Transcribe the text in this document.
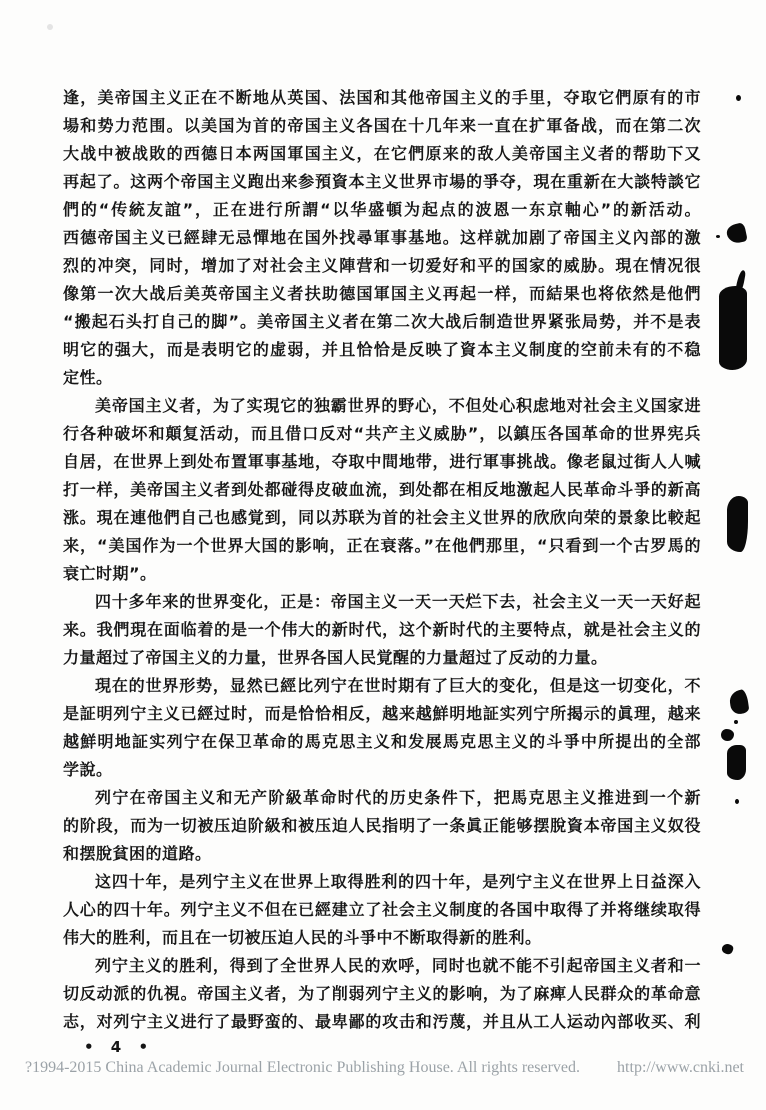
逢，美帝国主义正在不断地从英国、法国和其他帝国主义的手里，夺取它們原有的市
場和势力范围。以美国为首的帝国主义各国在十几年来一直在扩軍备战，而在第二次
大战中被战敗的西德日本两国軍国主义，在它們原来的敌人美帝国主义者的帮助下又
再起了。这两个帝国主义跑出来参預資本主义世界市場的爭夺，現在重新在大談特談它
們的“传統友誼”，正在进行所謂“以华盛頓为起点的波恩一东京軸心”的新活动。
西德帝国主义已經肆无忌憚地在国外找尋軍事基地。这样就加剧了帝国主义內部的激
烈的冲突，同时，增加了对社会主义陣营和一切爱好和平的国家的威胁。現在情况很
像第一次大战后美英帝国主义者扶助德国軍国主义再起一样，而結果也将依然是他們
“搬起石头打自己的脚”。美帝国主义者在第二次大战后制造世界紧张局势，并不是表
明它的强大，而是表明它的虚弱，并且恰恰是反映了資本主义制度的空前未有的不稳
定性。
美帝国主义者，为了实現它的独霸世界的野心，不但处心积虑地对社会主义国家进
行各种破坏和顛复活动，而且借口反对“共产主义威胁”，以鎮压各国革命的世界宪兵
自居，在世界上到处布置軍事基地，夺取中間地带，进行軍事挑战。像老鼠过街人人喊
打一样，美帝国主义者到处都碰得皮破血流，到处都在相反地激起人民革命斗爭的新高
涨。現在連他們自己也感覚到，同以苏联为首的社会主义世界的欣欣向荣的景象比較起
来，“美国作为一个世界大国的影响，正在衰落。”在他們那里，“只看到一个古罗馬的
衰亡时期”。
四十多年来的世界变化，正是：帝国主义一天一天烂下去，社会主义一天一天好起
来。我們現在面临着的是一个伟大的新时代，这个新时代的主要特点，就是社会主义的
力量超过了帝国主义的力量，世界各国人民覚醒的力量超过了反动的力量。
現在的世界形势，显然已經比列宁在世时期有了巨大的变化，但是这一切变化，不
是証明列宁主义已經过时，而是恰恰相反，越来越鮮明地証实列宁所揭示的眞理，越来
越鮮明地証实列宁在保卫革命的馬克思主义和发展馬克思主义的斗爭中所提出的全部
学說。
列宁在帝国主义和无产阶級革命时代的历史条件下，把馬克思主义推进到一个新
的阶段，而为一切被压迫阶級和被压迫人民指明了一条眞正能够摆脫資本帝国主义奴役
和摆脫貧困的道路。
这四十年，是列宁主义在世界上取得胜利的四十年，是列宁主义在世界上日益深入
人心的四十年。列宁主义不但在已經建立了社会主义制度的各国中取得了并将继续取得
伟大的胜利，而且在一切被压迫人民的斗爭中不断取得新的胜利。
列宁主义的胜利，得到了全世界人民的欢呼，同时也就不能不引起帝国主义者和一
切反动派的仇視。帝国主义者，为了削弱列宁主义的影响，为了麻痺人民群众的革命意
志，对列宁主义进行了最野蛮的、最卑鄙的攻击和汚蔑，并且从工人运动內部收买、利
• 4 •
?1994-2015 China Academic Journal Electronic Publishing House. All rights reserved. http://www.cnki.net
